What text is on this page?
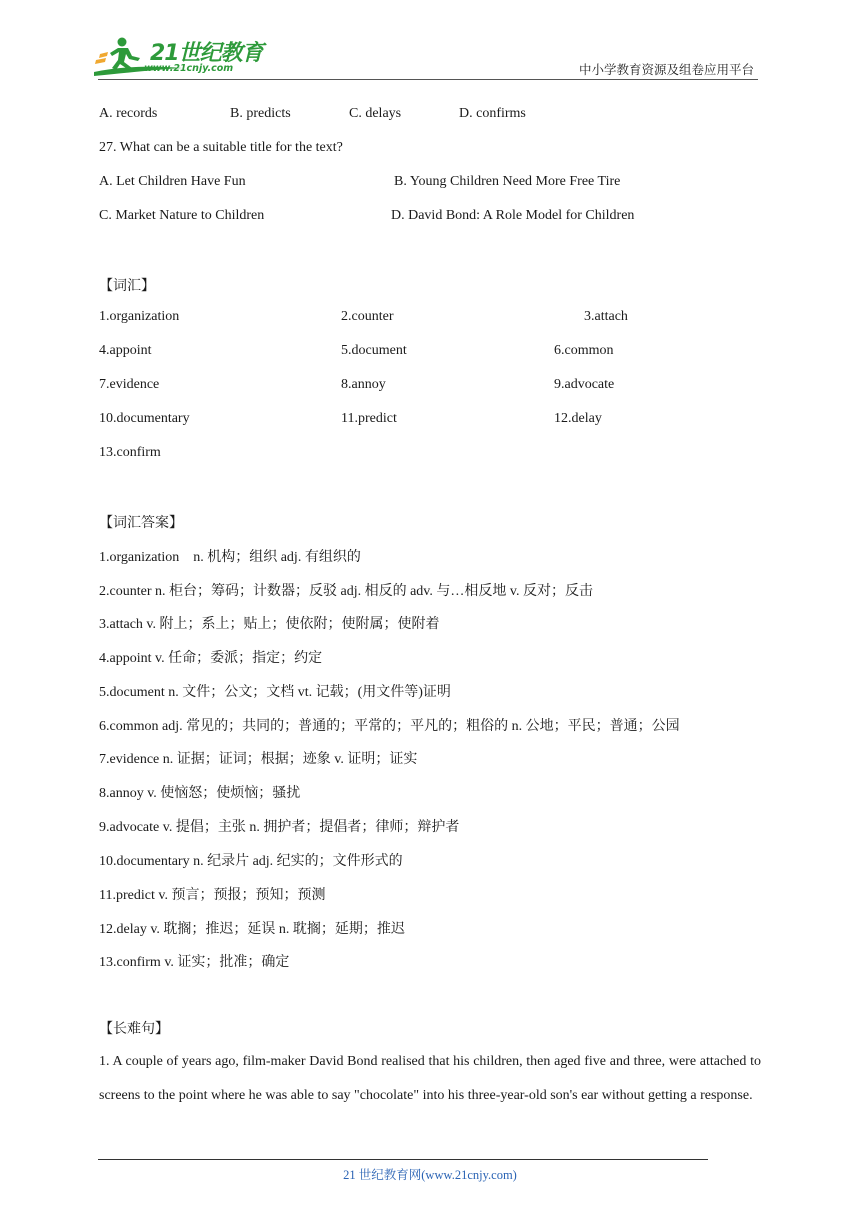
21世纪教育
www.21cnjy.com	中小学教育资源及组卷应用平台
A. records	B. predicts	C. delays	D. confirms
27. What can be a suitable title for the text?
A. Let Children Have Fun	B. Young Children Need More Free Tire
C. Market Nature to Children	D. David Bond: A Role Model for Children
【词汇】
1.organization	2.counter	3.attach
4.appoint	5.document	6.common
7.evidence	8.annoy	9.advocate
10.documentary	11.predict	12.delay
13.confirm
【词汇答案】
1.organization　n. 机构；组织 adj. 有组织的
2.counter n. 柜台；筹码；计数器；反驳 adj. 相反的 adv. 与…相反地 v. 反对；反击
3.attach v. 附上；系上；贴上；使依附；使附属；使附着
4.appoint v. 任命；委派；指定；约定
5.document n. 文件；公文；文档 vt. 记载；(用文件等)证明
6.common adj. 常见的；共同的；普通的；平常的；平凡的；粗俗的 n. 公地；平民；普通；公园
7.evidence n. 证据；证词；根据；迹象 v. 证明；证实
8.annoy v. 使恼怒；使烦恼；骚扰
9.advocate v. 提倡；主张 n. 拥护者；提倡者；律师；辩护者
10.documentary n. 纪录片 adj. 纪实的；文件形式的
11.predict v. 预言；预报；预知；预测
12.delay v. 耽搁；推迟；延误 n. 耽搁；延期；推迟
13.confirm v. 证实；批准；确定
【长难句】
1. A couple of years ago, film-maker David Bond realised that his children, then aged five and three, were attached to screens to the point where he was able to say "chocolate" into his three-year-old son's ear without getting a response.
21 世纪教育网(www.21cnjy.com)
